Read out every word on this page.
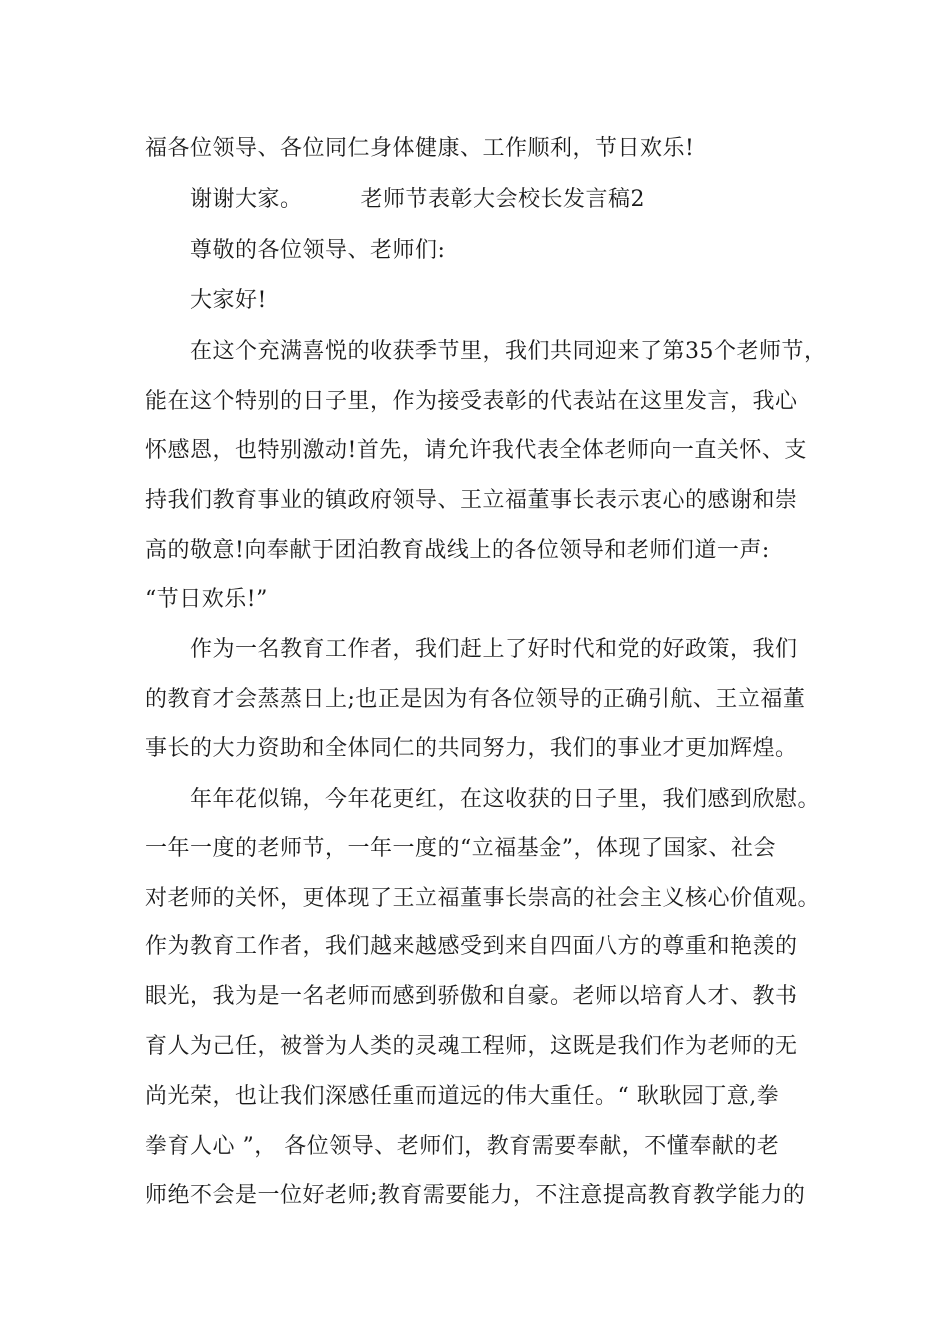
福各位领导、各位同仁身体健康、工作顺利，节日欢乐!
谢谢大家。	老师节表彰大会校长发言稿2
尊敬的各位领导、老师们:
大家好!
在这个充满喜悦的收获季节里，我们共同迎来了第35个老师节，
能在这个特别的日子里，作为接受表彰的代表站在这里发言，我心
怀感恩，也特别激动!首先，请允许我代表全体老师向一直关怀、支
持我们教育事业的镇政府领导、王立福董事长表示衷心的感谢和崇
高的敬意!向奉献于团泊教育战线上的各位领导和老师们道一声:
“节日欢乐!”
作为一名教育工作者，我们赶上了好时代和党的好政策，我们
的教育才会蒸蒸日上;也正是因为有各位领导的正确引航、王立福董
事长的大力资助和全体同仁的共同努力，我们的事业才更加辉煌。
年年花似锦，今年花更红，在这收获的日子里，我们感到欣慰。
一年一度的老师节，一年一度的“立福基金”，体现了国家、社会
对老师的关怀，更体现了王立福董事长崇高的社会主义核心价值观。
作为教育工作者，我们越来越感受到来自四面八方的尊重和艳羡的
眼光，我为是一名老师而感到骄傲和自豪。老师以培育人才、教书
育人为己任，被誉为人类的灵魂工程师，这既是我们作为老师的无
尚光荣，也让我们深感任重而道远的伟大重任。“ 耿耿园丁意,拳
拳育人心 ”， 各位领导、老师们，教育需要奉献，不懂奉献的老
师绝不会是一位好老师;教育需要能力，不注意提高教育教学能力的
